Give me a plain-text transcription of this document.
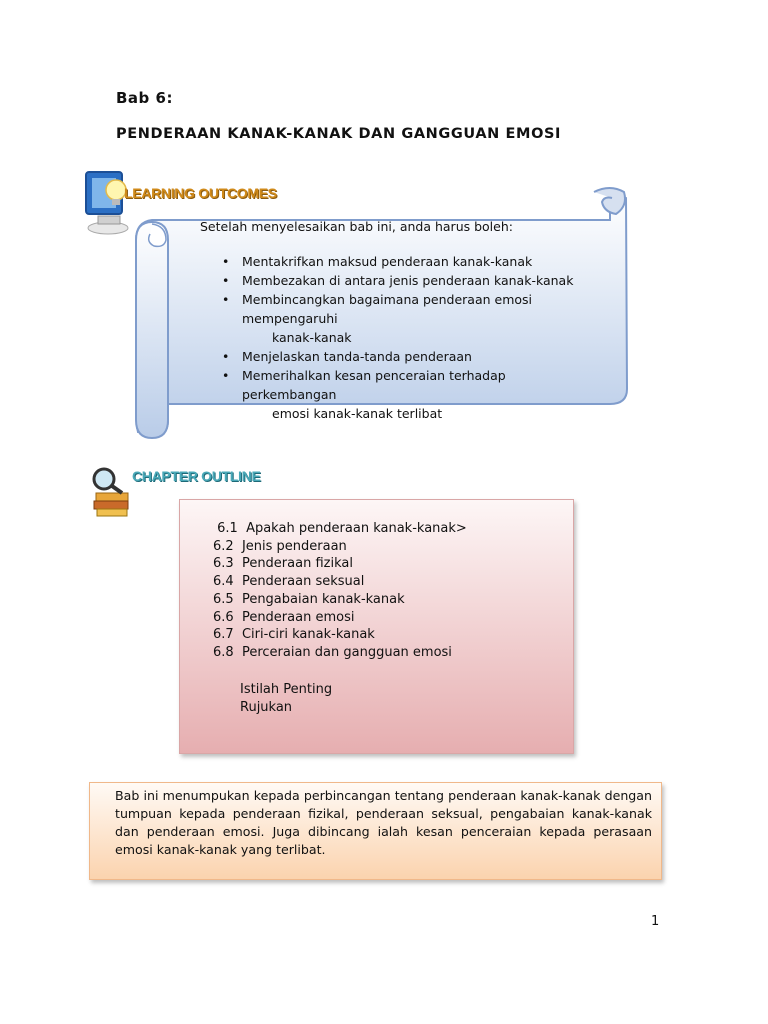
Bab 6:
PENDERAAN KANAK-KANAK DAN GANGGUAN EMOSI
LEARNING OUTCOMES
Setelah menyelesaikan bab ini, anda harus boleh:
• Mentakrifkan maksud penderaan kanak-kanak
• Membezakan di antara jenis penderaan kanak-kanak
• Membincangkan bagaimana penderaan emosi mempengaruhi
kanak-kanak
• Menjelaskan tanda-tanda penderaan
• Memerihalkan kesan penceraian terhadap perkembangan
emosi kanak-kanak terlibat
CHAPTER OUTLINE
6.1  Apakah penderaan kanak-kanak>
6.2  Jenis penderaan
6.3  Penderaan fizikal
6.4  Penderaan seksual
6.5  Pengabaian kanak-kanak
6.6  Penderaan emosi
6.7  Ciri-ciri kanak-kanak
6.8  Perceraian dan gangguan emosi
Istilah Penting
Rujukan
Bab ini menumpukan kepada perbincangan tentang penderaan kanak-kanak dengan tumpuan kepada penderaan fizikal, penderaan seksual, pengabaian kanak-kanak dan penderaan emosi. Juga dibincang ialah kesan penceraian kepada perasaan emosi kanak-kanak yang terlibat.
1
